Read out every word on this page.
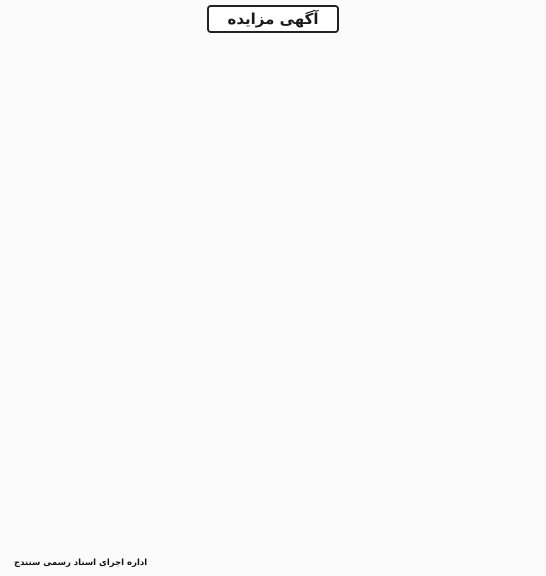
آگهی مزایده

اداره اجرای اسناد رسمی سنندج
